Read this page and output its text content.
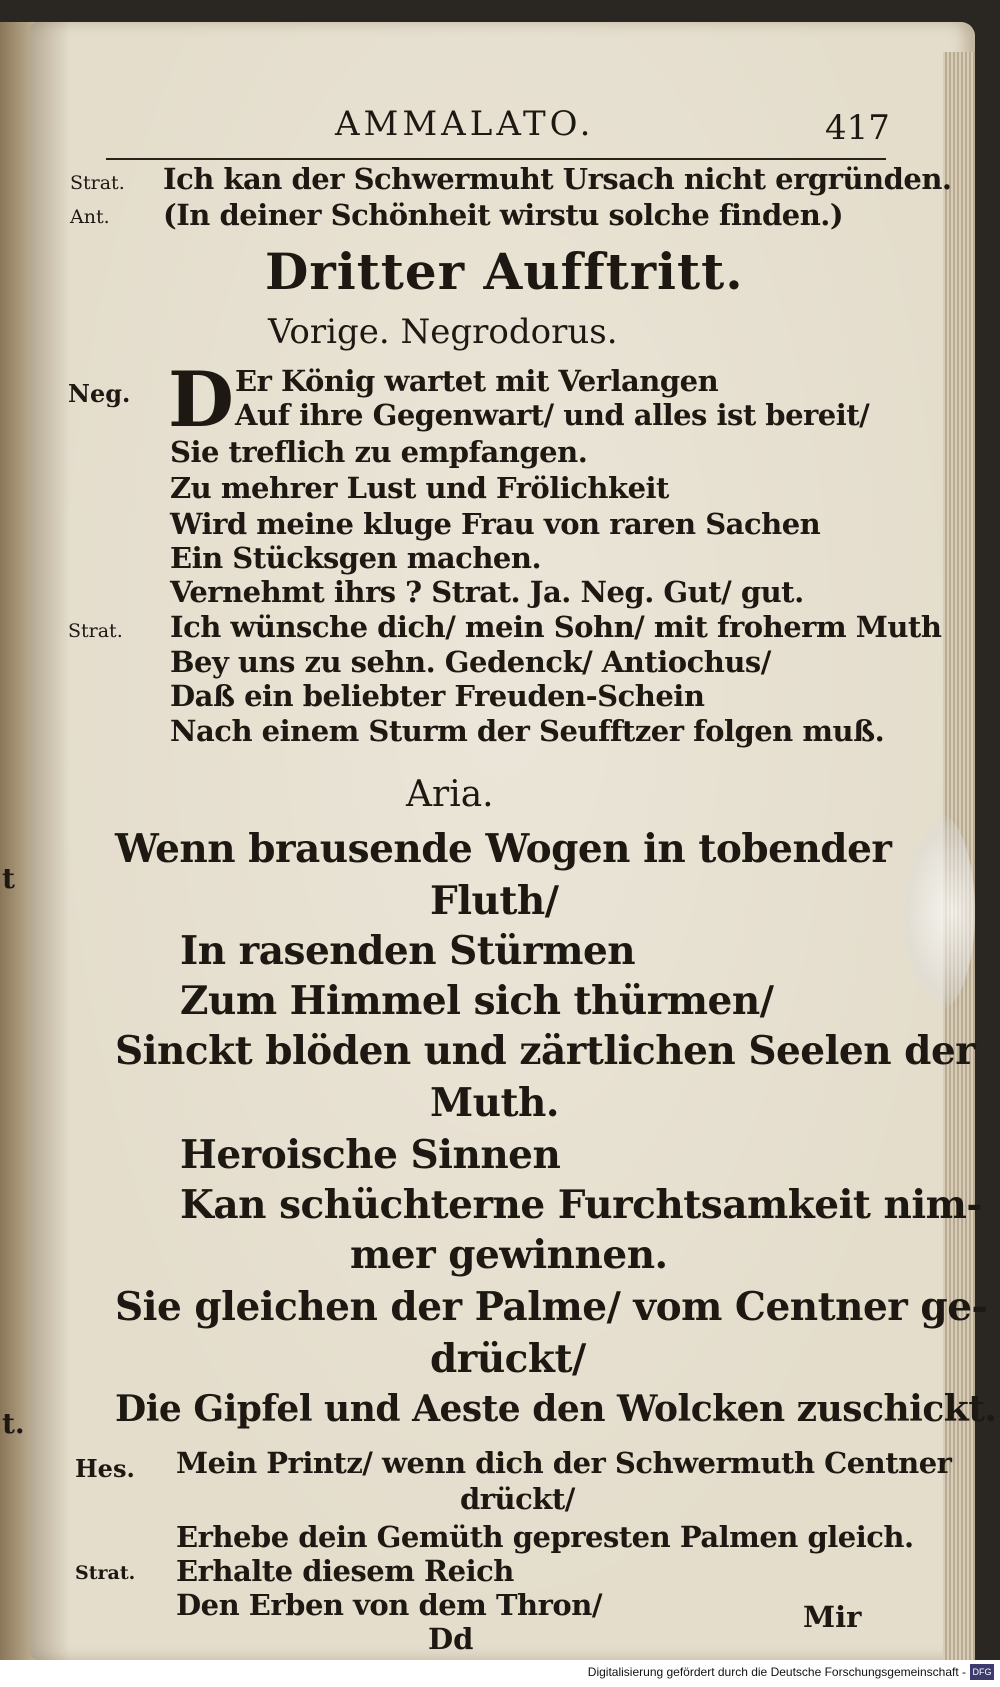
t
t.
AMMALATO.	417
Strat. Ich kan der Schwermuht Ursach nicht ergründen.
Ant. (In deiner Schönheit wirstu solche finden.)
Dritter Aufftritt.
Vorige. Negrodorus.
Neg. D Er König wartet mit Verlangen
Auf ihre Gegenwart/ und alles ist bereit/
Sie treflich zu empfangen.
Zu mehrer Lust und Frölichkeit
Wird meine kluge Frau von raren Sachen
Ein Stücksgen machen.
Vernehmt ihrs ? Strat. Ja. Neg. Gut/ gut.
Strat. Ich wünsche dich/ mein Sohn/ mit froherm Muth
Bey uns zu sehn. Gedenck/ Antiochus/
Daß ein beliebter Freuden-Schein
Nach einem Sturm der Seufftzer folgen muß.
Aria.
Wenn brausende Wogen in tobender
Fluth/
In rasenden Stürmen
Zum Himmel sich thürmen/
Sinckt blöden und zärtlichen Seelen der
Muth.
Heroische Sinnen
Kan schüchterne Furchtsamkeit nim-
mer gewinnen.
Sie gleichen der Palme/ vom Centner ge-
drückt/
Die Gipfel und Aeste den Wolcken zuschickt.
Hes. Mein Printz/ wenn dich der Schwermuth Centner
drückt/
Erhebe dein Gemüth gepresten Palmen gleich.
Strat. Erhalte diesem Reich
Den Erben von dem Thron/
Dd
Mir
Digitalisierung gefördert durch die Deutsche Forschungsgemeinschaft - DFG
